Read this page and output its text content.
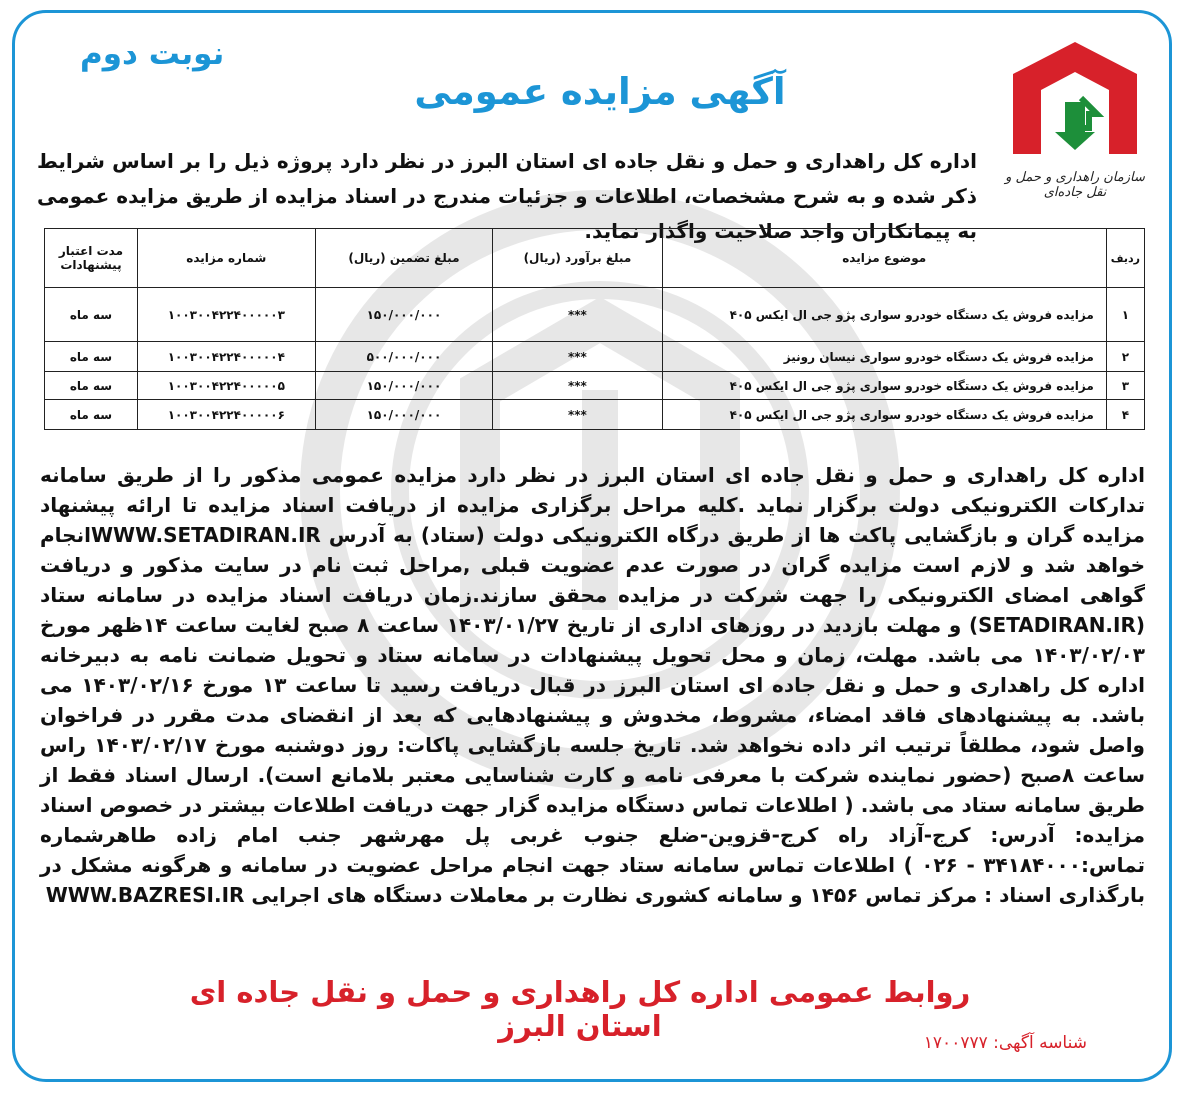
نوبت دوم
آگهی مزایده عمومی
سازمان راهداری و حمل و نقل جاده‌ای
اداره کل راهداری و حمل و نقل جاده ای استان البرز در نظر دارد پروژه ذیل را بر اساس شرایط ذکر شده و به شرح مشخصات، اطلاعات و جزئیات مندرج در اسناد مزایده از طریق مزایده عمومی به پیمانکاران واجد صلاحیت واگذار نماید.
ردیف	موضوع مزایده	مبلغ برآورد (ریال)	مبلغ تضمین (ریال)	شماره مزایده	مدت اعتبار پیشنهادات
۱	مزایده فروش یک دستگاه خودرو سواری پژو جی ال ایکس ۴۰۵	***	۱۵۰/۰۰۰/۰۰۰	۱۰۰۳۰۰۴۲۲۴۰۰۰۰۰۳	سه ماه
۲	مزایده فروش یک دستگاه خودرو سواری نیسان رونیز	***	۵۰۰/۰۰۰/۰۰۰	۱۰۰۳۰۰۴۲۲۴۰۰۰۰۰۴	سه ماه
۳	مزایده فروش یک دستگاه خودرو سواری پژو جی ال ایکس ۴۰۵	***	۱۵۰/۰۰۰/۰۰۰	۱۰۰۳۰۰۴۲۲۴۰۰۰۰۰۵	سه ماه
۴	مزایده فروش یک دستگاه خودرو سواری پژو جی ال ایکس ۴۰۵	***	۱۵۰/۰۰۰/۰۰۰	۱۰۰۳۰۰۴۲۲۴۰۰۰۰۰۶	سه ماه
اداره کل راهداری و حمل و نقل جاده ای استان البرز در نظر دارد مزایده عمومی مذکور را از طریق سامانه تدارکات الکترونیکی دولت برگزار نماید .کلیه مراحل برگزاری مزایده از دریافت اسناد مزایده تا ارائه پیشنهاد مزایده گران و بازگشایی پاکت ها از طریق درگاه الکترونیکی دولت (ستاد) به آدرس WWW.SETADIRAN.IRانجام خواهد شد و لازم است مزایده گران در صورت عدم عضویت قبلی ,مراحل ثبت نام در سایت مذکور و دریافت گواهی امضای الکترونیکی را جهت شرکت در مزایده محقق سازند.زمان دریافت اسناد مزایده در سامانه ستاد (SETADIRAN.IR) و مهلت بازدید در روزهای اداری از تاریخ ۱۴۰۳/۰۱/۲۷ ساعت ۸ صبح لغایت ساعت ۱۴ظهر مورخ ۱۴۰۳/۰۲/۰۳ می باشد. مهلت، زمان و محل تحویل پیشنهادات در سامانه ستاد و تحویل ضمانت نامه به دبیرخانه اداره کل راهداری و حمل و نقل جاده ای استان البرز در قبال دریافت رسید تا ساعت ۱۳ مورخ ۱۴۰۳/۰۲/۱۶ می باشد. به پیشنهادهای فاقد امضاء، مشروط، مخدوش و پیشنهادهایی که بعد از انقضای مدت مقرر در فراخوان واصل شود، مطلقاً ترتیب اثر داده نخواهد شد. تاریخ جلسه بازگشایی پاکات: روز دوشنبه مورخ ۱۴۰۳/۰۲/۱۷ راس ساعت ۸صبح (حضور نماینده شرکت با معرفی نامه و کارت شناسایی معتبر بلامانع است). ارسال اسناد فقط از طریق سامانه ستاد می باشد. ( اطلاعات تماس دستگاه مزایده گزار جهت دریافت اطلاعات بیشتر در خصوص اسناد مزایده: آدرس: کرج-آزاد راه کرج-قزوین-ضلع جنوب غربی پل مهرشهر جنب امام زاده طاهرشماره تماس:۳۴۱۸۴۰۰۰ - ۰۲۶ ) اطلاعات تماس سامانه ستاد جهت انجام مراحل عضویت در سامانه و هرگونه مشکل در بارگذاری اسناد : مرکز تماس ۱۴۵۶ و سامانه کشوری نظارت بر معاملات دستگاه های اجرایی WWW.BAZRESI.IR
روابط عمومی اداره کل راهداری و حمل و نقل جاده ای استان البرز	شناسه آگهی: ۱۷۰۰۷۷۷
